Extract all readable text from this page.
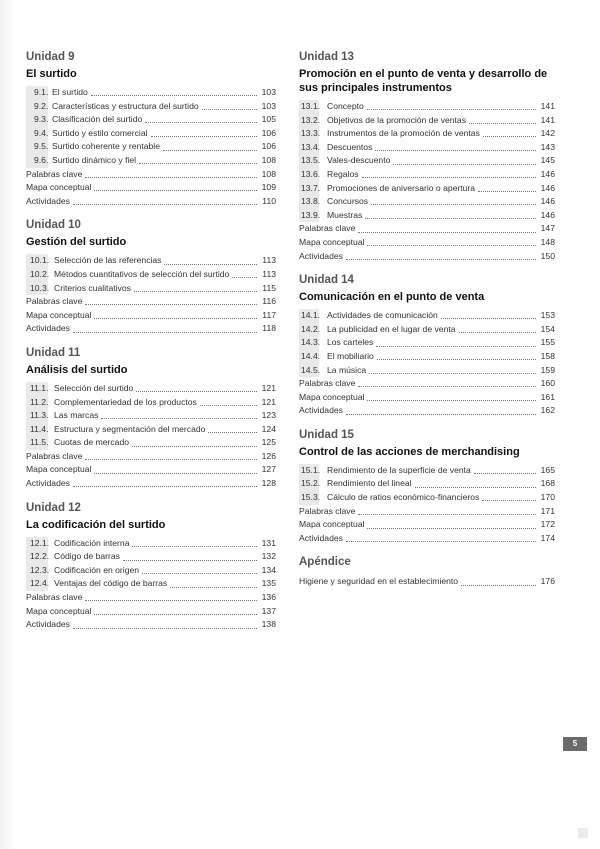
Unidad 9
El surtido
9.1. El surtido	103
9.2. Características y estructura del surtido	103
9.3. Clasificación del surtido	105
9.4. Surtido y estilo comercial	106
9.5. Surtido coherente y rentable	106
9.6. Surtido dinámico y fiel	108
Palabras clave	108
Mapa conceptual	109
Actividades	110
Unidad 10
Gestión del surtido
10.1. Selección de las referencias	113
10.2. Métodos cuantitativos de selección del surtido	113
10.3. Criterios cualitativos	115
Palabras clave	116
Mapa conceptual	117
Actividades	118
Unidad 11
Análisis del surtido
11.1. Selección del surtido	121
11.2. Complementariedad de los productos	121
11.3. Las marcas	123
11.4. Estructura y segmentación del mercado	124
11.5. Cuotas de mercado	125
Palabras clave	126
Mapa conceptual	127
Actividades	128
Unidad 12
La codificación del surtido
12.1. Codificación interna	131
12.2. Código de barras	132
12.3. Codificación en origen	134
12.4. Ventajas del código de barras	135
Palabras clave	136
Mapa conceptual	137
Actividades	138
Unidad 13
Promoción en el punto de venta y desarrollo de sus principales instrumentos
13.1. Concepto	141
13.2. Objetivos de la promoción de ventas	141
13.3. Instrumentos de la promoción de ventas	142
13.4. Descuentos	143
13.5. Vales-descuento	145
13.6. Regalos	146
13.7. Promociones de aniversario o apertura	146
13.8. Concursos	146
13.9. Muestras	146
Palabras clave	147
Mapa conceptual	148
Actividades	150
Unidad 14
Comunicación en el punto de venta
14.1. Actividades de comunicación	153
14.2. La publicidad en el lugar de venta	154
14.3. Los carteles	155
14.4. El mobiliario	158
14.5. La música	159
Palabras clave	160
Mapa conceptual	161
Actividades	162
Unidad 15
Control de las acciones de merchandising
15.1. Rendimiento de la superficie de venta	165
15.2. Rendimiento del lineal	168
15.3. Cálculo de ratios económico-financieros	170
Palabras clave	171
Mapa conceptual	172
Actividades	174
Apéndice
Higiene y seguridad en el establecimiento	176
5
